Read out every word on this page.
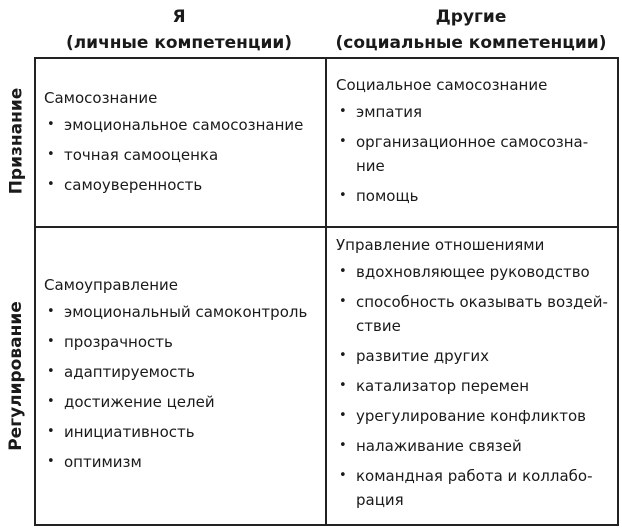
Я
(личные компетенции)
Другие
(социальные компетенции)
Признание
Регулирование
Самосознание
• эмоциональное самосознание
• точная самооценка
• самоуверенность
Социальное самосознание
• эмпатия
• организационное самосозна-
ние
• помощь
Самоуправление
• эмоциональный самоконтроль
• прозрачность
• адаптируемость
• достижение целей
• инициативность
• оптимизм
Управление отношениями
• вдохновляющее руководство
• способность оказывать воздей-
ствие
• развитие других
• катализатор перемен
• урегулирование конфликтов
• налаживание связей
• командная работа и коллабо-
рация
